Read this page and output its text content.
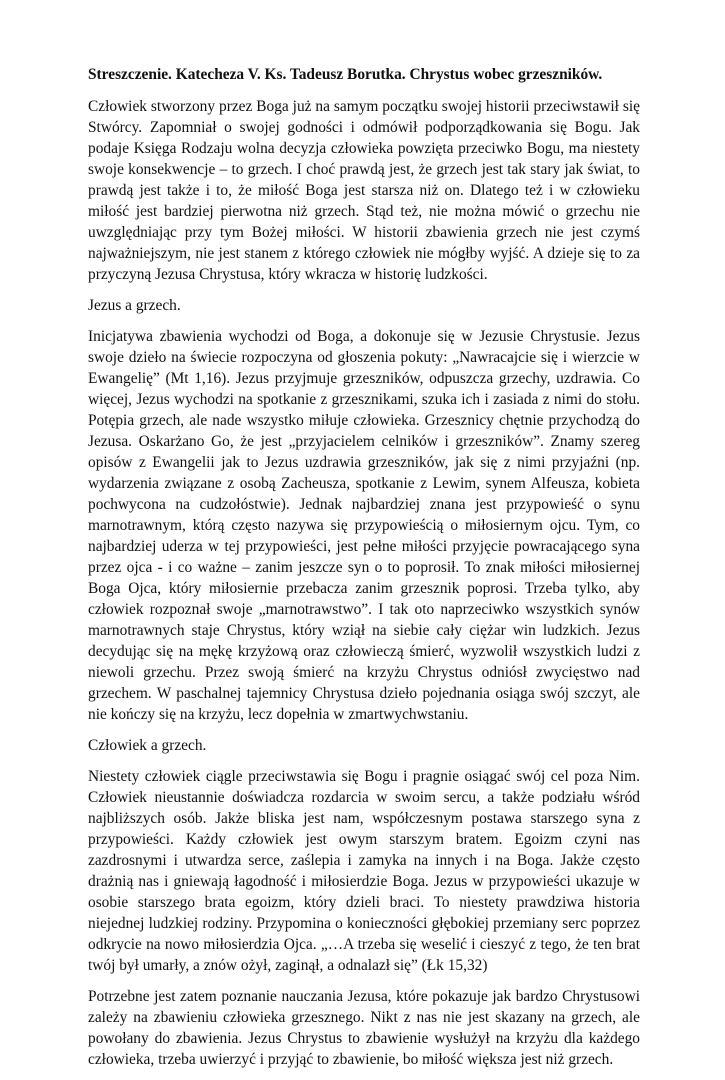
Streszczenie. Katecheza V. Ks. Tadeusz Borutka. Chrystus wobec grzeszników.

Człowiek stworzony przez Boga już na samym początku swojej historii przeciwstawił się Stwórcy. Zapomniał o swojej godności i odmówił podporządkowania się Bogu. Jak podaje Księga Rodzaju wolna decyzja człowieka powzięta przeciwko Bogu, ma niestety swoje konsekwencje – to grzech. I choć prawdą jest, że grzech jest tak stary jak świat, to prawdą jest także i to, że miłość Boga jest starsza niż on. Dlatego też i w człowieku miłość jest bardziej pierwotna niż grzech. Stąd też, nie można mówić o grzechu nie uwzględniając przy tym Bożej miłości. W historii zbawienia grzech nie jest czymś najważniejszym, nie jest stanem z którego człowiek nie mógłby wyjść. A dzieje się to za przyczyną Jezusa Chrystusa, który wkracza w historię ludzkości.

Jezus a grzech.

Inicjatywa zbawienia wychodzi od Boga, a dokonuje się w Jezusie Chrystusie. Jezus swoje dzieło na świecie rozpoczyna od głoszenia pokuty: „Nawracajcie się i wierzcie w Ewangelię” (Mt 1,16). Jezus przyjmuje grzeszników, odpuszcza grzechy, uzdrawia. Co więcej, Jezus wychodzi na spotkanie z grzesznikami, szuka ich i zasiada z nimi do stołu. Potępia grzech, ale nade wszystko miłuje człowieka. Grzesznicy chętnie przychodzą do Jezusa. Oskarżano Go, że jest „przyjacielem celników i grzeszników”. Znamy szereg opisów z Ewangelii jak to Jezus uzdrawia grzeszników, jak się z nimi przyjaźni (np. wydarzenia związane z osobą Zacheusza, spotkanie z Lewim, synem Alfeusza, kobieta pochwycona na cudzołóstwie). Jednak najbardziej znana jest przypowieść o synu marnotrawnym, którą często nazywa się przypowieścią o miłosiernym ojcu. Tym, co najbardziej uderza w tej przypowieści, jest pełne miłości przyjęcie powracającego syna przez ojca - i co ważne – zanim jeszcze syn o to poprosił. To znak miłości miłosiernej Boga Ojca, który miłosiernie przebacza zanim grzesznik poprosi. Trzeba tylko, aby człowiek rozpoznał swoje „marnotrawstwo”. I tak oto naprzeciwko wszystkich synów marnotrawnych staje Chrystus, który wziął na siebie cały ciężar win ludzkich. Jezus decydując się na mękę krzyżową oraz człowieczą śmierć, wyzwolił wszystkich ludzi z niewoli grzechu. Przez swoją śmierć na krzyżu Chrystus odniósł zwycięstwo nad grzechem. W paschalnej tajemnicy Chrystusa dzieło pojednania osiąga swój szczyt, ale nie kończy się na krzyżu, lecz dopełnia w zmartwychwstaniu.

Człowiek a grzech.

Niestety człowiek ciągle przeciwstawia się Bogu i pragnie osiągać swój cel poza Nim. Człowiek nieustannie doświadcza rozdarcia w swoim sercu, a także podziału wśród najbliższych osób. Jakże bliska jest nam, współczesnym postawa starszego syna z przypowieści. Każdy człowiek jest owym starszym bratem. Egoizm czyni nas zazdrosnymi i utwardza serce, zaślepia i zamyka na innych i na Boga. Jakże często drażnią nas i gniewają łagodność i miłosierdzie Boga. Jezus w przypowieści ukazuje w osobie starszego brata egoizm, który dzieli braci. To niestety prawdziwa historia niejednej ludzkiej rodziny. Przypomina o konieczności głębokiej przemiany serc poprzez odkrycie na nowo miłosierdzia Ojca. „…A trzeba się weselić i cieszyć z tego, że ten brat twój był umarły, a znów ożył, zaginął, a odnalazł się” (Łk 15,32)

Potrzebne jest zatem poznanie nauczania Jezusa, które pokazuje jak bardzo Chrystusowi zależy na zbawieniu człowieka grzesznego. Nikt z nas nie jest skazany na grzech, ale powołany do zbawienia. Jezus Chrystus to zbawienie wysłużył na krzyżu dla każdego człowieka, trzeba uwierzyć i przyjąć to zbawienie, bo miłość większa jest niż grzech.
